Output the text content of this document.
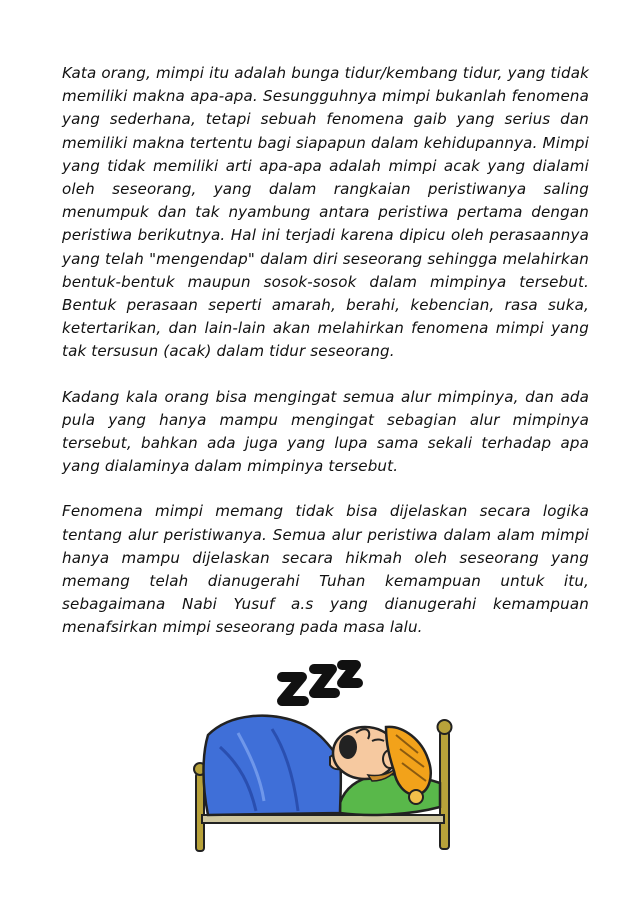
Kata orang, mimpi itu adalah bunga tidur/kembang tidur, yang tidak memiliki makna apa-apa. Sesungguhnya mimpi bukanlah fenomena yang sederhana, tetapi sebuah fenomena gaib yang serius dan memiliki makna tertentu bagi siapapun dalam kehidupannya. Mimpi yang tidak memiliki arti apa-apa adalah mimpi acak yang dialami oleh seseorang, yang dalam rangkaian peristiwanya saling menumpuk dan tak nyambung antara peristiwa pertama dengan peristiwa berikutnya. Hal ini terjadi karena dipicu oleh perasaannya yang telah "mengendap" dalam diri seseorang sehingga melahirkan bentuk-bentuk maupun sosok-sosok dalam mimpinya tersebut. Bentuk perasaan seperti amarah, berahi, kebencian, rasa suka, ketertarikan, dan lain-lain akan melahirkan fenomena mimpi yang tak tersusun (acak) dalam tidur seseorang.

Kadang kala orang bisa mengingat semua alur mimpinya, dan ada pula yang hanya mampu mengingat sebagian alur mimpinya tersebut, bahkan ada juga yang lupa sama sekali terhadap apa yang dialaminya dalam mimpinya tersebut.

Fenomena mimpi memang tidak bisa dijelaskan secara logika tentang alur peristiwanya. Semua alur peristiwa dalam alam mimpi hanya mampu dijelaskan secara hikmah oleh seseorang yang memang telah dianugerahi Tuhan kemampuan untuk itu, sebagaimana Nabi Yusuf a.s yang dianugerahi kemampuan menafsirkan mimpi seseorang pada masa lalu.
